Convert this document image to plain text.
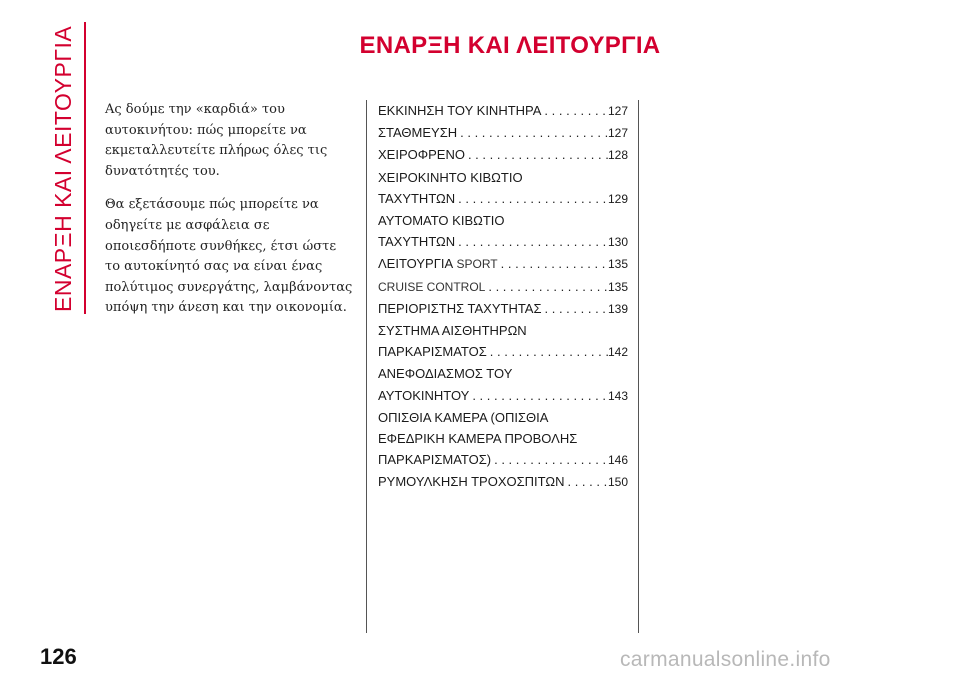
ΕΝΑΡΞΗ ΚΑΙ ΛΕΙΤΟΥΡΓΙΑ	ΕΝΑΡΞΗ ΚΑΙ ΛΕΙΤΟΥΡΓΙΑ

Ας δούμε την «καρδιά» του αυτοκινήτου: πώς μπορείτε να εκμεταλλευτείτε πλήρως όλες τις δυνατότητές του.

Θα εξετάσουμε πώς μπορείτε να οδηγείτε με ασφάλεια σε οποιεσδήποτε συνθήκες, έτσι ώστε το αυτοκίνητό σας να είναι ένας πολύτιμος συνεργάτης, λαμβάνοντας υπόψη την άνεση και την οικονομία.

ΕΚΚΙΝΗΣΗ ΤΟΥ ΚΙΝΗΤΗΡΑ . . .	127
ΣΤΑΘΜΕΥΣΗ . . .	127
ΧΕΙΡΟΦΡΕΝΟ . . .	128
ΧΕΙΡΟΚΙΝΗΤΟ ΚΙΒΩΤΙΟ
ΤΑΧΥΤΗΤΩΝ . . .	129
ΑΥΤΟΜΑΤΟ ΚΙΒΩΤΙΟ
ΤΑΧΥΤΗΤΩΝ . . .	130
ΛΕΙΤΟΥΡΓΙΑ SPORT . . .	135
CRUISE CONTROL . . .	135
ΠΕΡΙΟΡΙΣΤΗΣ ΤΑΧΥΤΗΤΑΣ . . .	139
ΣΥΣΤΗΜΑ ΑΙΣΘΗΤΗΡΩΝ
ΠΑΡΚΑΡΙΣΜΑΤΟΣ . . .	142
ΑΝΕΦΟΔΙΑΣΜΟΣ ΤΟΥ
ΑΥΤΟΚΙΝΗΤΟΥ . . .	143
ΟΠΙΣΘΙΑ ΚΑΜΕΡΑ (ΟΠΙΣΘΙΑ
ΕΦΕΔΡΙΚΗ ΚΑΜΕΡΑ ΠΡΟΒΟΛΗΣ
ΠΑΡΚΑΡΙΣΜΑΤΟΣ) . . .	146
ΡΥΜΟΥΛΚΗΣΗ ΤΡΟΧΟΣΠΙΤΩΝ . . .	150
126	carmanualsonline.info
